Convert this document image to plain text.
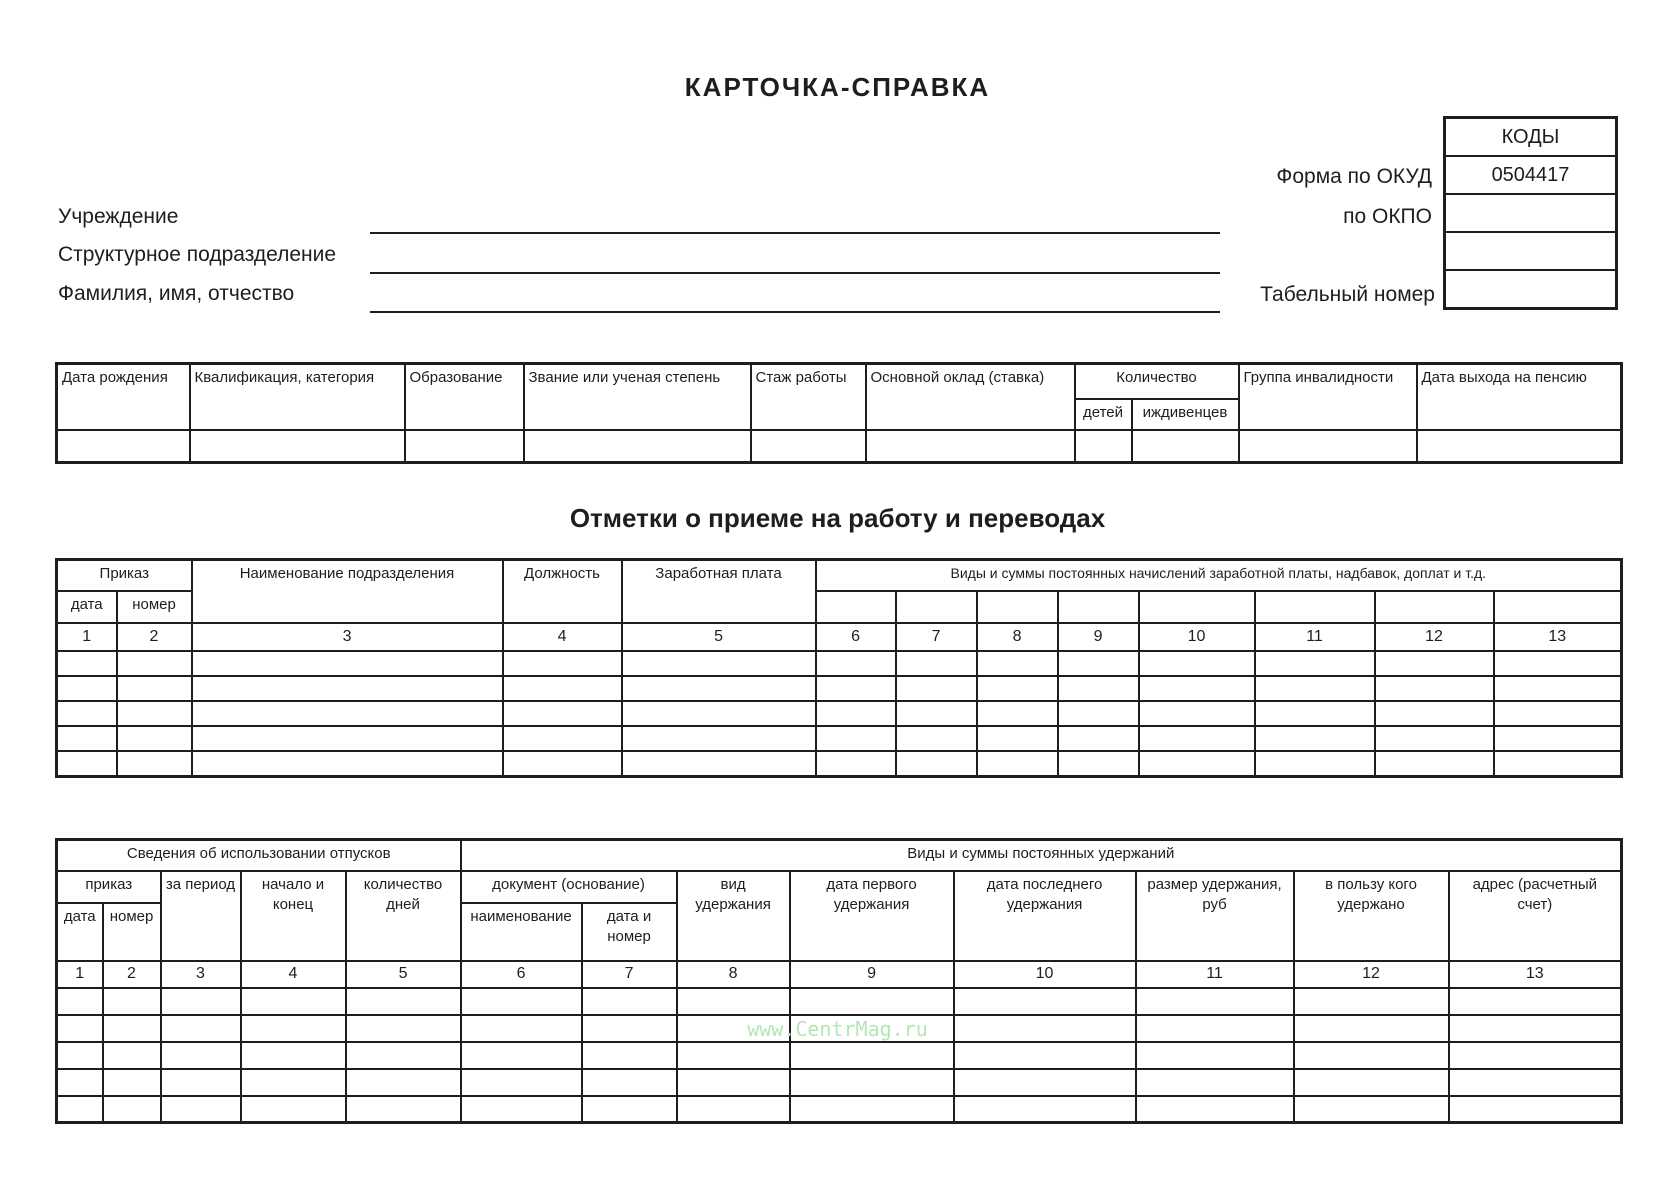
КАРТОЧКА-СПРАВКА
Учреждение
Структурное подразделение
Фамилия, имя, отчество
Форма по ОКУД
по ОКПО
Табельный номер
КОДЫ
0504417

Дата рождения	Квалификация, категория	Образование	Звание или ученая степень	Стаж работы	Основной оклад (ставка)	Количество		Группа инвалидности	Дата выхода на пенсию
						детей	иждивенцев		

Отметки о приеме на работу и переводах
Приказ		Наименование подразделения	Должность	Заработная плата	Виды и суммы постоянных начислений заработной платы, надбавок, доплат и т.д.							
дата	номер											
1	2	3	4	5	6	7	8	9	10	11	12	13

Сведения об использовании отпусков					Виды и суммы постоянных удержаний							
приказ		за период	начало и конец	количество дней	документ (основание)		вид удержания	дата первого удержания	дата последнего удержания	размер удержания, руб	в пользу кого удержано	адрес (расчетный счет)
дата	номер				наименование	дата и номер						
1	2	3	4	5	6	7	8	9	10	11	12	13

www.CentrMag.ru
